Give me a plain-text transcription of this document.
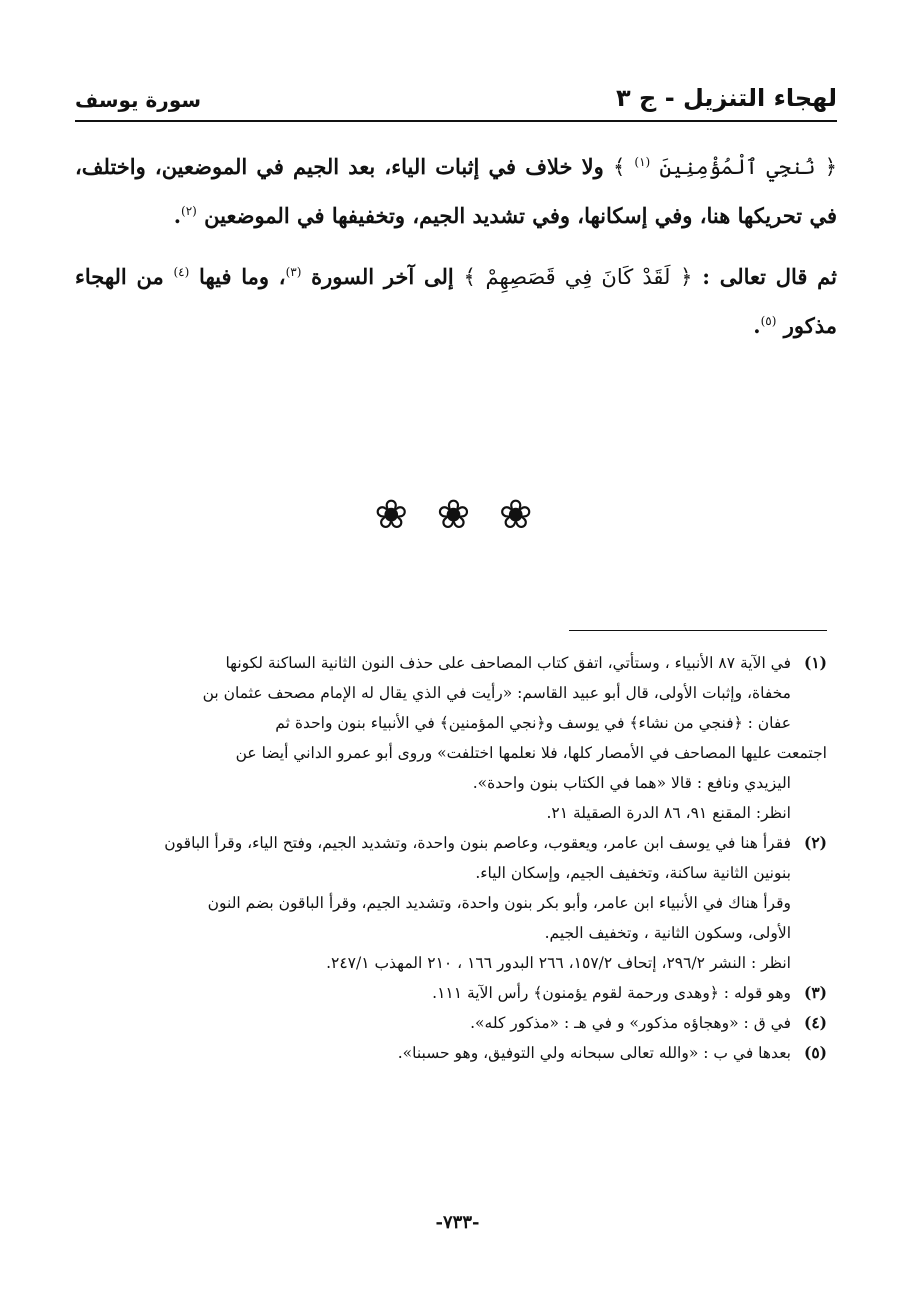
لهجاء التنزيل - ج ٣
سورة يوسف

﴿ نُنجِي ٱلْمُؤْمِنِينَ $^{(١)}$ ﴾ ولا خلاف في إثبات الياء، بعد الجيم في الموضعين، واختلف، في تحريكها هنا، وفي إسكانها، وفي تشديد الجيم، وتخفيفها في الموضعين $^{(٢)}$.

ثم قال تعالى : ﴿ لَقَدْ كَانَ فِي قَصَصِهِمْ ﴾ إلى آخر السورة $^{(٣)}$، وما فيها $^{(٤)}$ من الهجاء مذكور $^{(٥)}$.

❀ ❀ ❀
(١)
في الآية ٨٧ الأنبياء ، وستأتي، اتفق كتاب المصاحف على حذف النون الثانية الساكنة لكونها
مخفاة، وإثبات الأولى، قال أبو عبيد القاسم: «رأيت في الذي يقال له الإمام مصحف عثمان بن
عفان : ﴿فنجي من نشاء﴾ في يوسف و﴿نجي المؤمنين﴾ في الأنبياء بنون واحدة ثم
اجتمعت عليها المصاحف في الأمصار كلها، فلا نعلمها اختلفت» وروى أبو عمرو الداني أيضا عن
اليزيدي ونافع : قالا «هما في الكتاب بنون واحدة».
انظر: المقنع ٩١، ٨٦ الدرة الصقيلة ٢١.
(٢)
فقرأ هنا في يوسف ابن عامر، ويعقوب، وعاصم بنون واحدة، وتشديد الجيم، وفتح الياء، وقرأ الباقون
بنونين الثانية ساكنة، وتخفيف الجيم، وإسكان الياء.
وقرأ هناك في الأنبياء ابن عامر، وأبو بكر بنون واحدة، وتشديد الجيم، وقرأ الباقون بضم النون
الأولى، وسكون الثانية ، وتخفيف الجيم.
انظر : النشر ٢٩٦/٢، إتحاف ١٥٧/٢، ٢٦٦ البدور ١٦٦ ، ٢١٠ المهذب ٢٤٧/١.
(٣)
وهو قوله : ﴿وهدى ورحمة لقوم يؤمنون﴾ رأس الآية ١١١.
(٤)
في ق : «وهجاؤه مذكور» و في هـ : «مذكور كله».
(٥)
بعدها في ب : «والله تعالى سبحانه ولي التوفيق، وهو حسبنا».
-٧٣٣-
